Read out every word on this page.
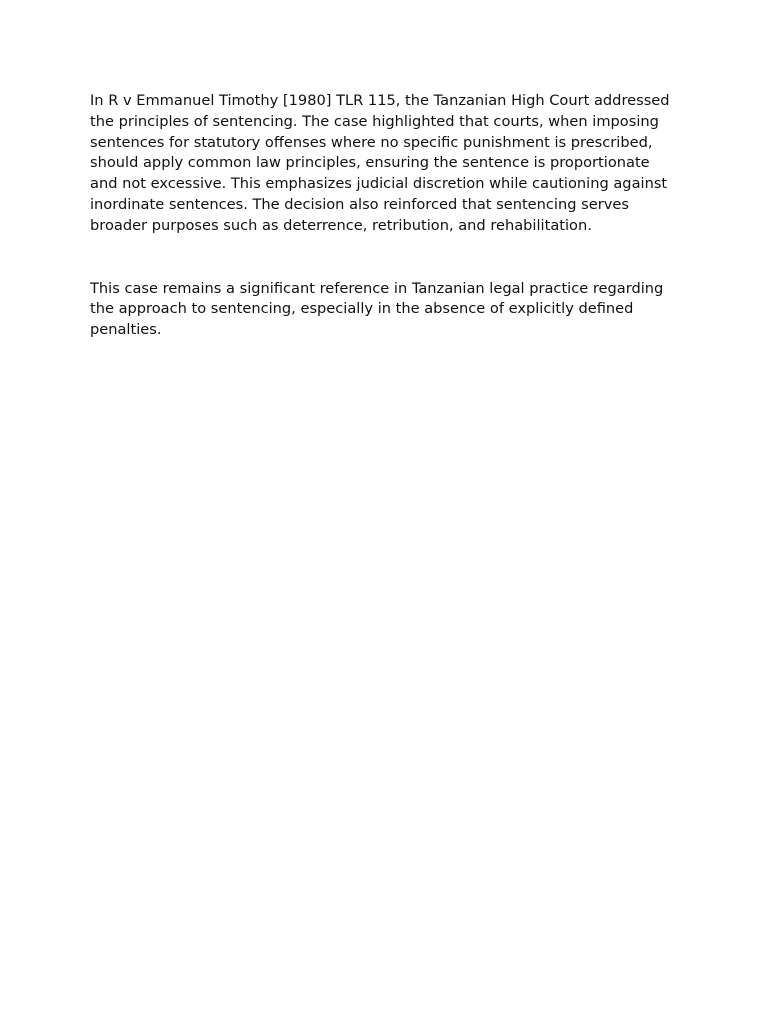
In R v Emmanuel Timothy [1980] TLR 115, the Tanzanian High Court addressed the principles of sentencing. The case highlighted that courts, when imposing sentences for statutory offenses where no specific punishment is prescribed, should apply common law principles, ensuring the sentence is proportionate and not excessive. This emphasizes judicial discretion while cautioning against inordinate sentences. The decision also reinforced that sentencing serves broader purposes such as deterrence, retribution, and rehabilitation.

This case remains a significant reference in Tanzanian legal practice regarding the approach to sentencing, especially in the absence of explicitly defined penalties.
